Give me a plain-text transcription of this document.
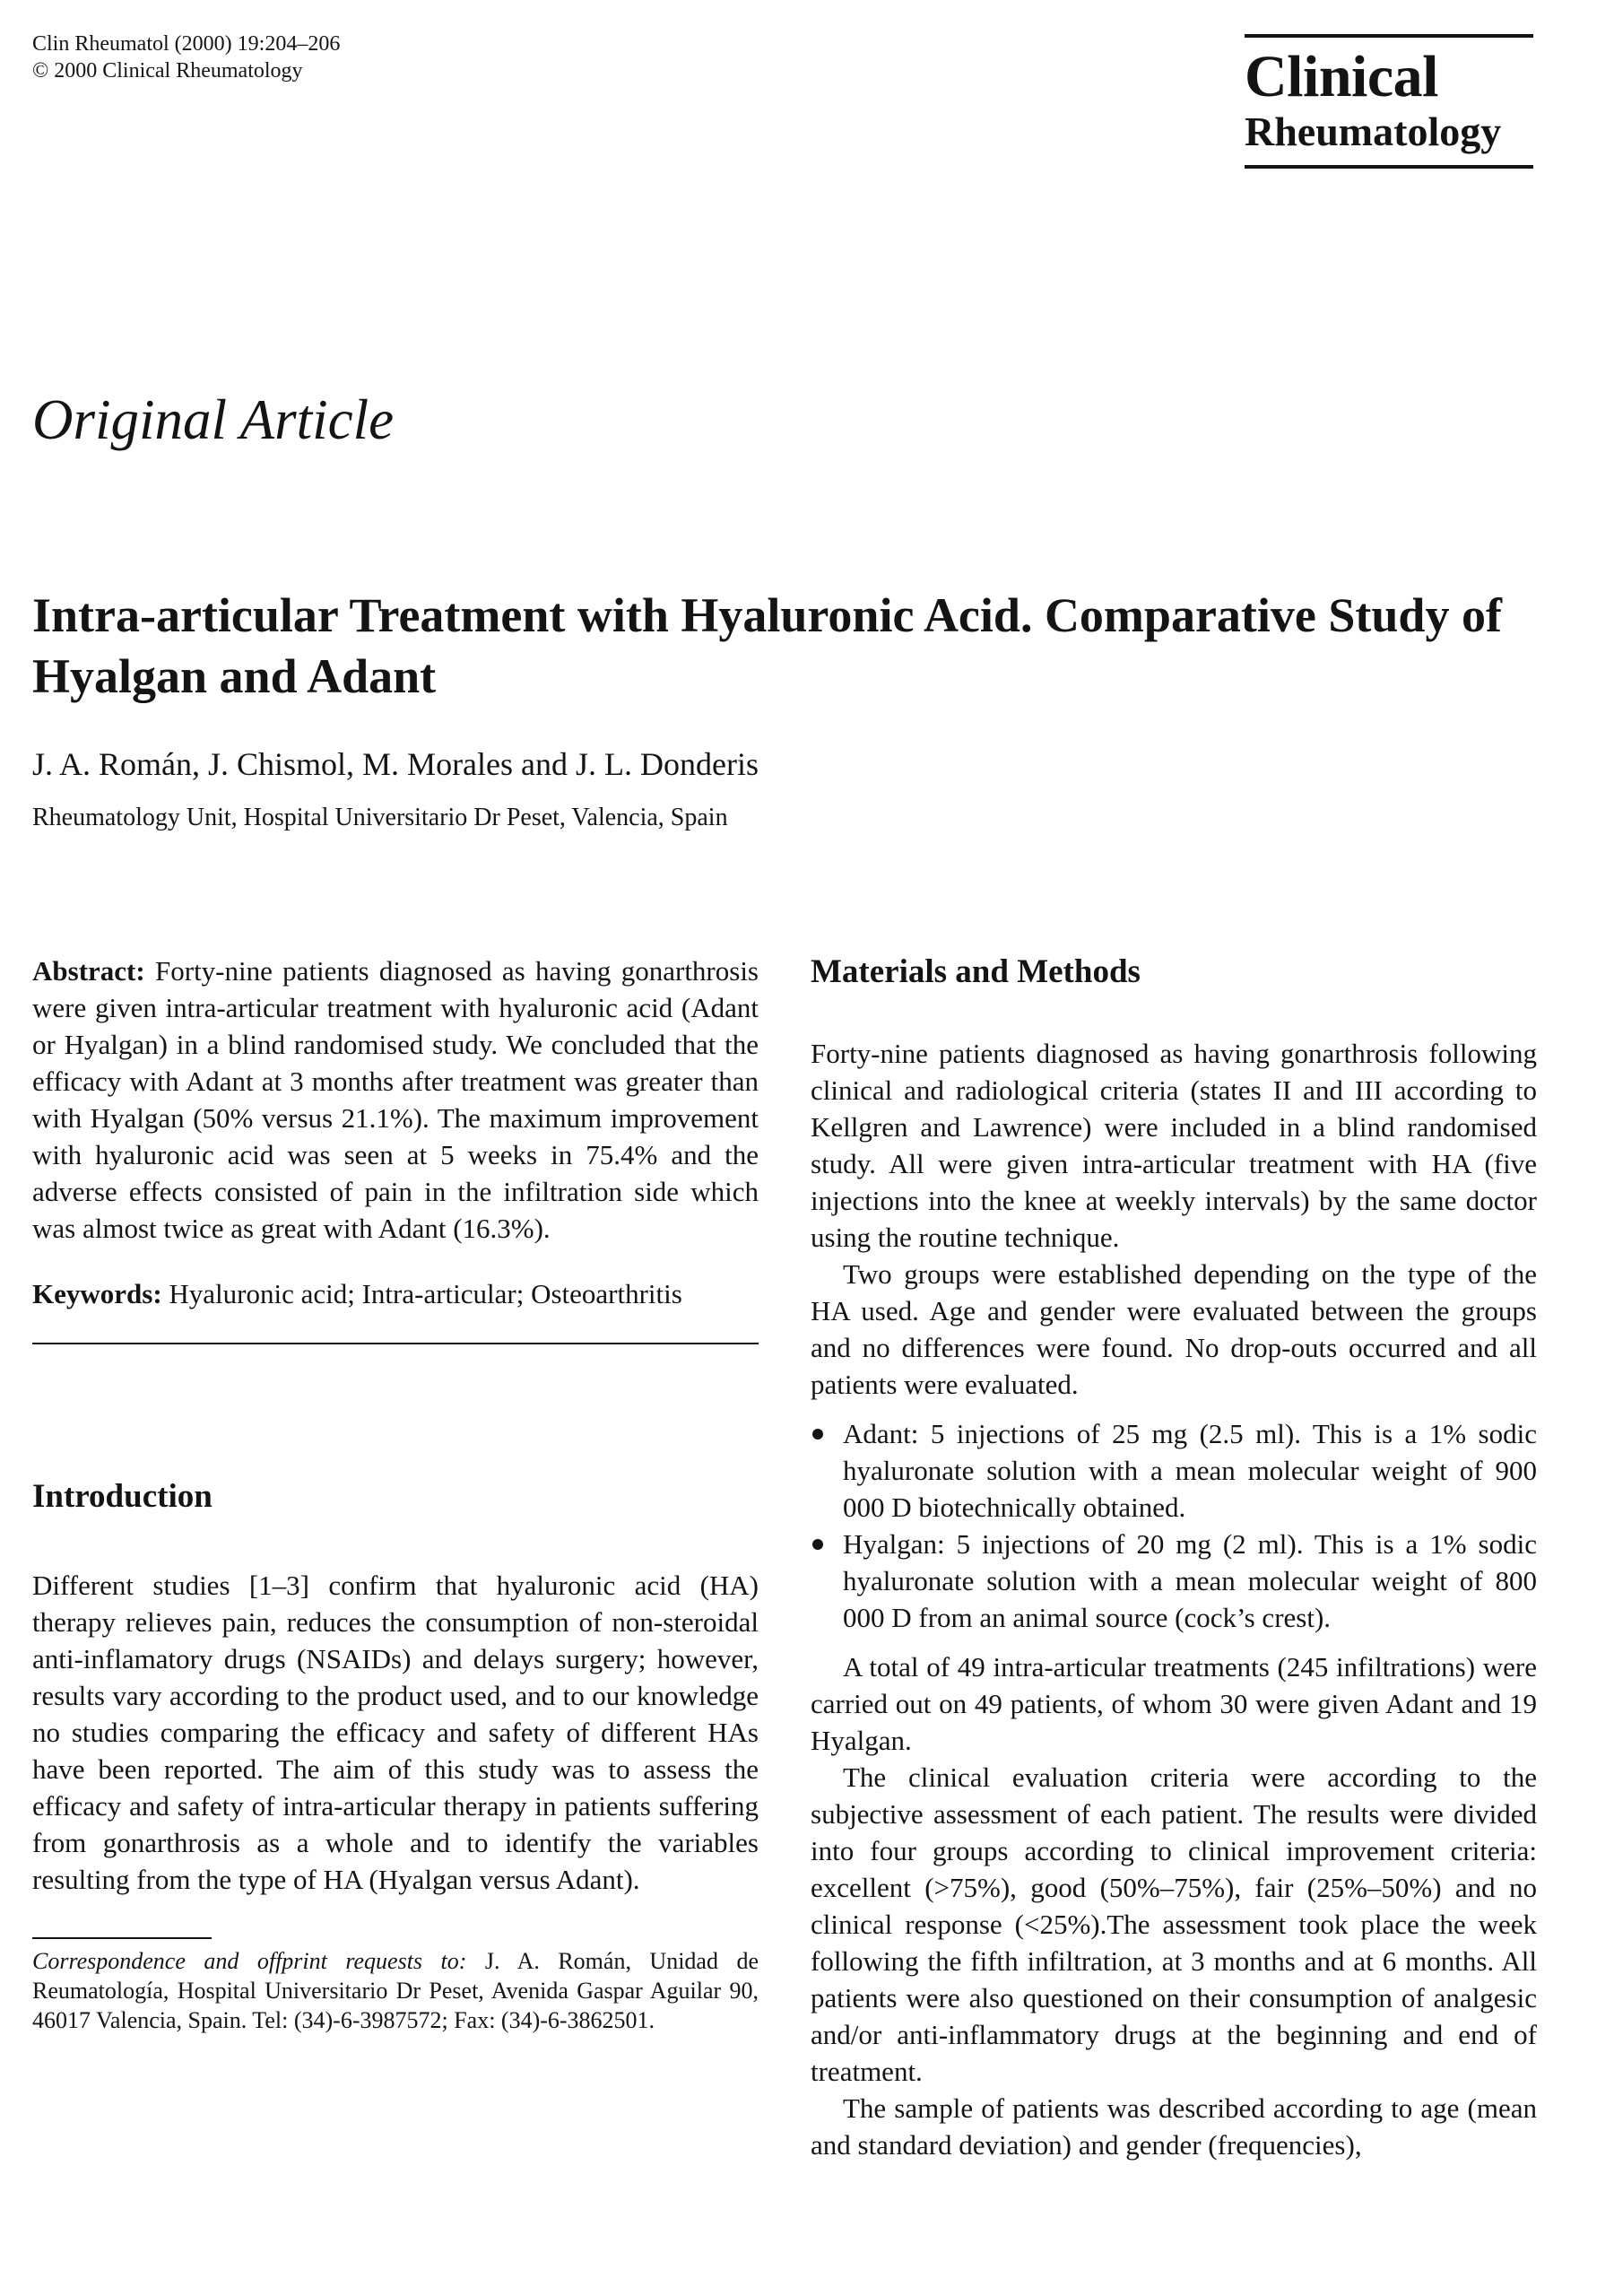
Clin Rheumatol (2000) 19:204–206
© 2000 Clinical Rheumatology	Clinical
Rheumatology
Original Article
Intra-articular Treatment with Hyaluronic Acid. Comparative Study of Hyalgan and Adant
J. A. Román, J. Chismol, M. Morales and J. L. Donderis
Rheumatology Unit, Hospital Universitario Dr Peset, Valencia, Spain

Abstract: Forty-nine patients diagnosed as having gonarthrosis were given intra-articular treatment with hyaluronic acid (Adant or Hyalgan) in a blind randomised study. We concluded that the efficacy with Adant at 3 months after treatment was greater than with Hyalgan (50% versus 21.1%). The maximum improvement with hyaluronic acid was seen at 5 weeks in 75.4% and the adverse effects consisted of pain in the infiltration side which was almost twice as great with Adant (16.3%).

Keywords: Hyaluronic acid; Intra-articular; Osteoarthritis

Introduction

Different studies [1–3] confirm that hyaluronic acid (HA) therapy relieves pain, reduces the consumption of non-steroidal anti-inflamatory drugs (NSAIDs) and delays surgery; however, results vary according to the product used, and to our knowledge no studies comparing the efficacy and safety of different HAs have been reported. The aim of this study was to assess the efficacy and safety of intra-articular therapy in patients suffering from gonarthrosis as a whole and to identify the variables resulting from the type of HA (Hyalgan versus Adant).

Correspondence and offprint requests to: J. A. Román, Unidad de Reumatología, Hospital Universitario Dr Peset, Avenida Gaspar Aguilar 90, 46017 Valencia, Spain. Tel: (34)-6-3987572; Fax: (34)-6-3862501.

Materials and Methods

Forty-nine patients diagnosed as having gonarthrosis following clinical and radiological criteria (states II and III according to Kellgren and Lawrence) were included in a blind randomised study. All were given intra-articular treatment with HA (five injections into the knee at weekly intervals) by the same doctor using the routine technique.

Two groups were established depending on the type of the HA used. Age and gender were evaluated between the groups and no differences were found. No drop-outs occurred and all patients were evaluated.

Adant: 5 injections of 25 mg (2.5 ml). This is a 1% sodic hyaluronate solution with a mean molecular weight of 900 000 D biotechnically obtained.
Hyalgan: 5 injections of 20 mg (2 ml). This is a 1% sodic hyaluronate solution with a mean molecular weight of 800 000 D from an animal source (cock’s crest).

A total of 49 intra-articular treatments (245 infiltrations) were carried out on 49 patients, of whom 30 were given Adant and 19 Hyalgan.

The clinical evaluation criteria were according to the subjective assessment of each patient. The results were divided into four groups according to clinical improvement criteria: excellent (>75%), good (50%–75%), fair (25%–50%) and no clinical response (<25%).The assessment took place the week following the fifth infiltration, at 3 months and at 6 months. All patients were also questioned on their consumption of analgesic and/or anti-inflammatory drugs at the beginning and end of treatment.

The sample of patients was described according to age (mean and standard deviation) and gender (frequencies),
